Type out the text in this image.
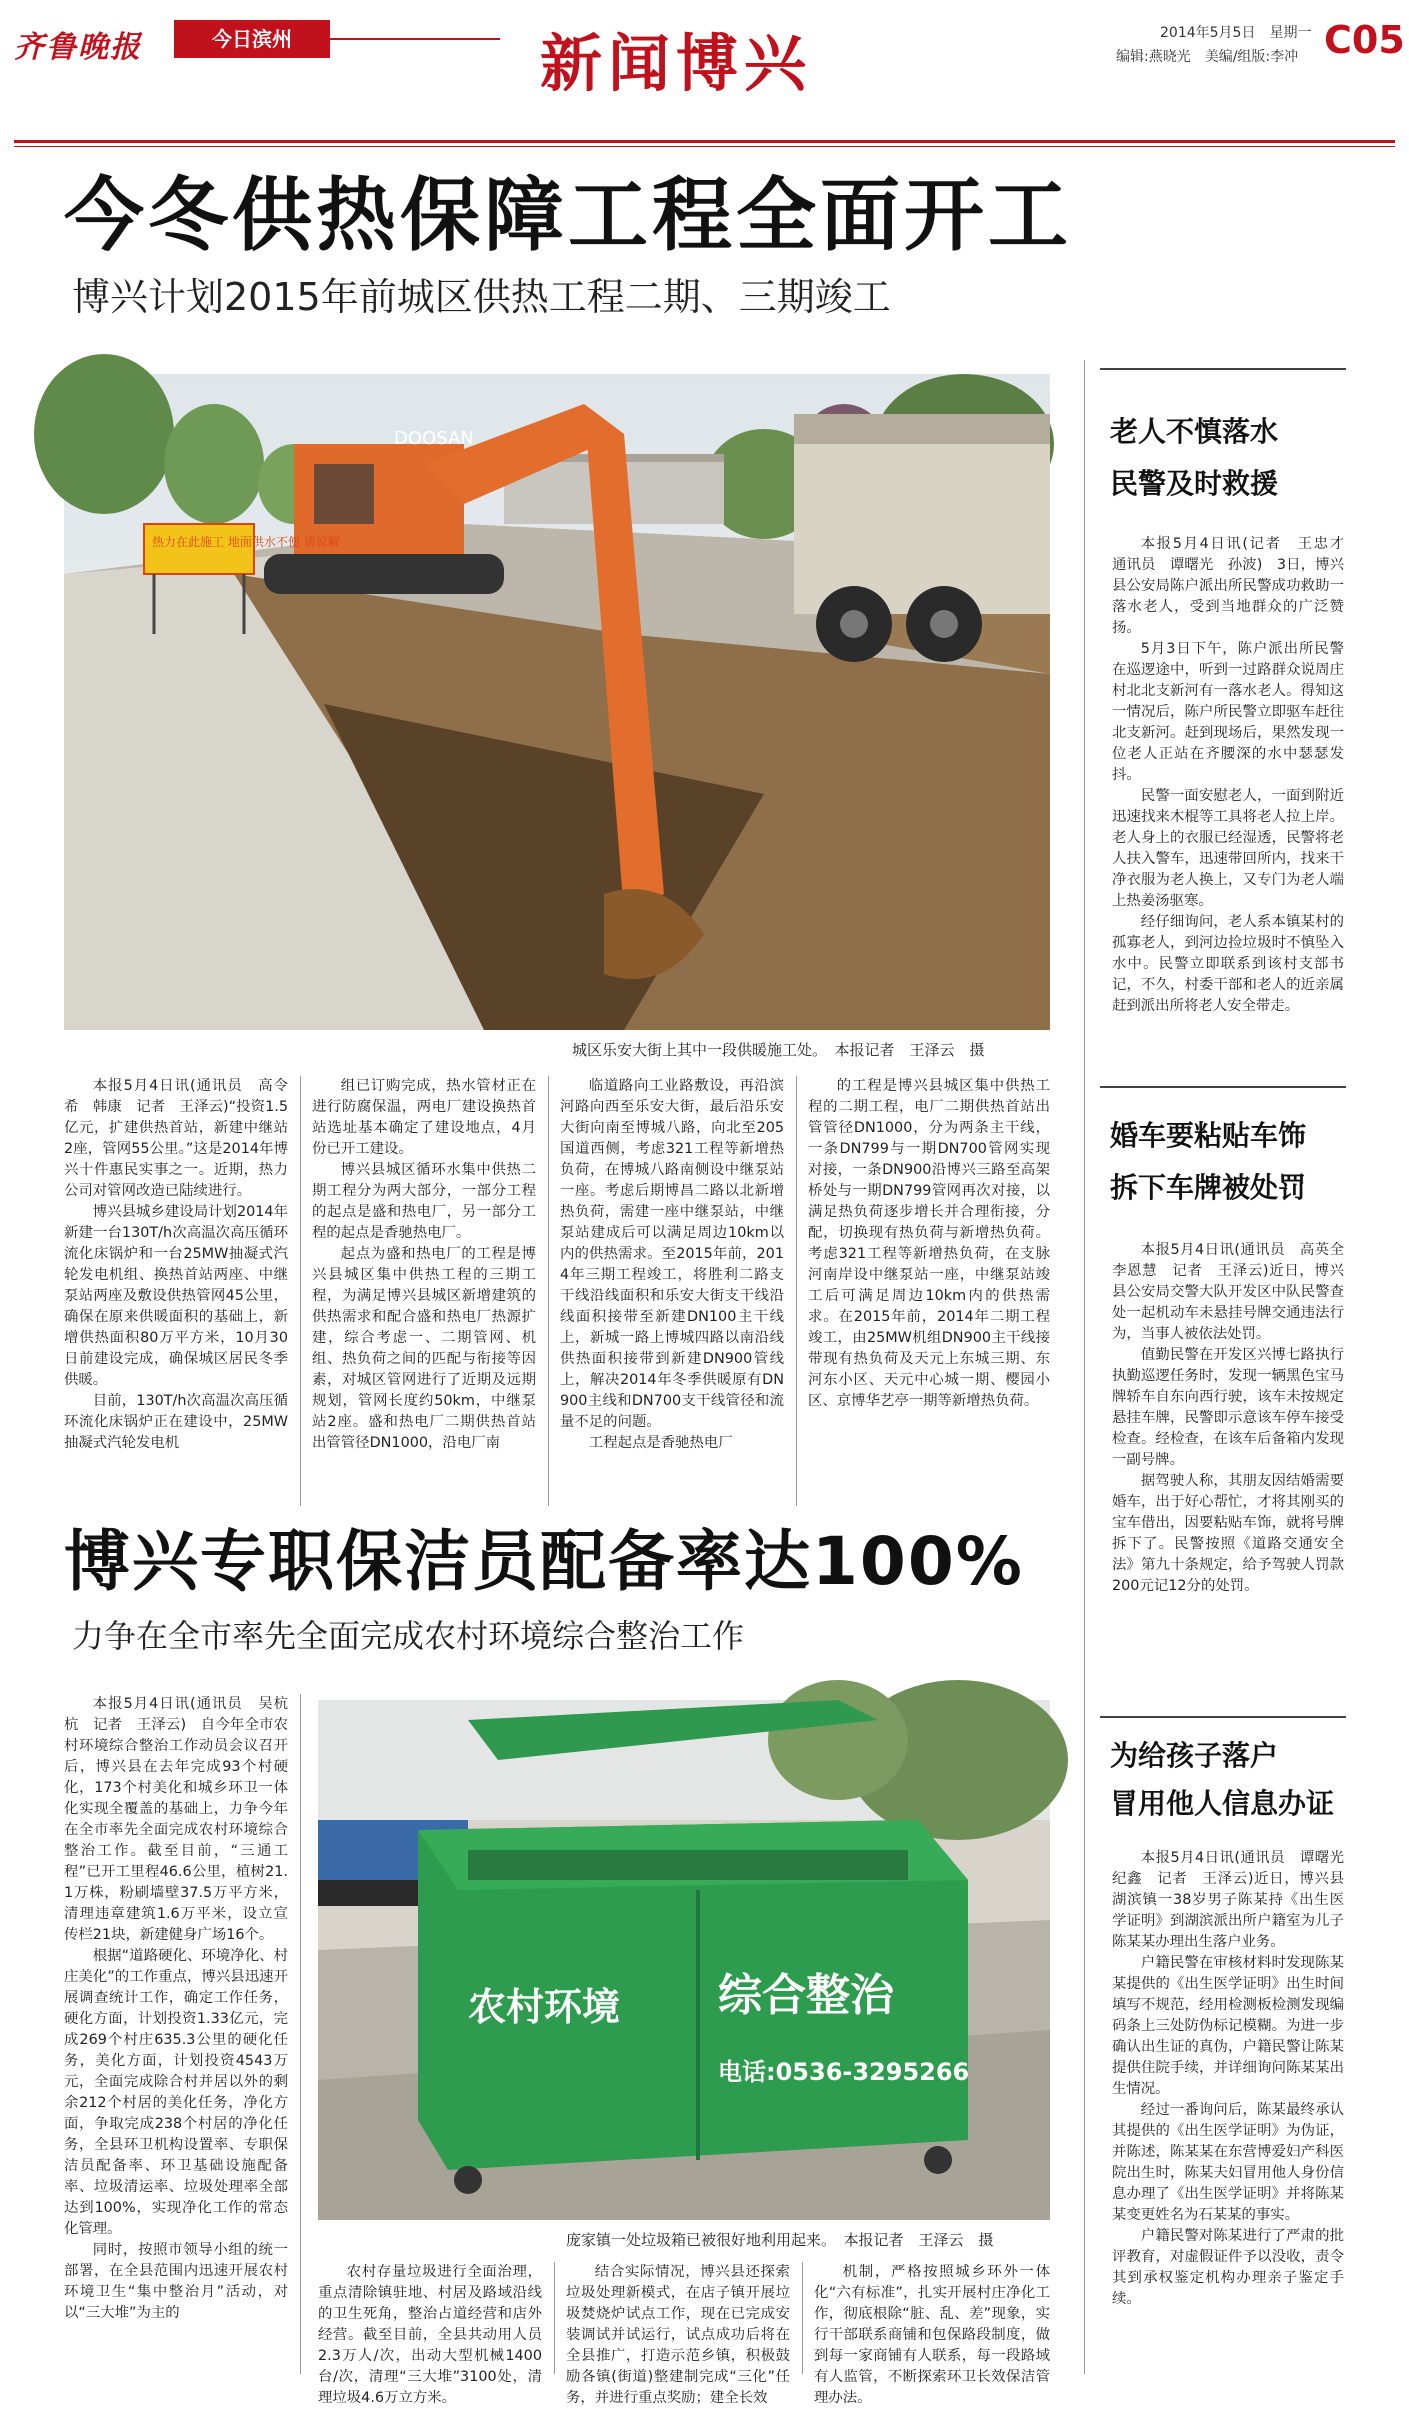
齐鲁晚报	今日滨州	新闻博兴	2014年5月5日　星期一
编辑:燕晓光　美编/组版:李冲 C05
今冬供热保障工程全面开工
博兴计划2015年前城区供热工程二期、三期竣工
DOOSAN
热力在此施工 地面供水不便 请谅解
城区乐安大街上其中一段供暖施工处。　本报记者　王泽云　摄

本报5月4日讯(通讯员　高令希　韩康　记者　王泽云)“投资1.5亿元，扩建供热首站，新建中继站2座，管网55公里。”这是2014年博兴十件惠民实事之一。近期，热力公司对管网改造已陆续进行。

博兴县城乡建设局计划2014年新建一台130T/h次高温次高压循环流化床锅炉和一台25MW抽凝式汽轮发电机组、换热首站两座、中继泵站两座及敷设供热管网45公里，确保在原来供暖面积的基础上，新增供热面积80万平方米，10月30日前建设完成，确保城区居民冬季供暖。

目前，130T/h次高温次高压循环流化床锅炉正在建设中，25MW抽凝式汽轮发电机

组已订购完成，热水管材正在进行防腐保温，两电厂建设换热首站选址基本确定了建设地点，4月份已开工建设。

博兴县城区循环水集中供热二期工程分为两大部分，一部分工程的起点是盛和热电厂，另一部分工程的起点是香驰热电厂。

起点为盛和热电厂的工程是博兴县城区集中供热工程的三期工程，为满足博兴县城区新增建筑的供热需求和配合盛和热电厂热源扩建，综合考虑一、二期管网、机组、热负荷之间的匹配与衔接等因素，对城区管网进行了近期及远期规划，管网长度约50km，中继泵站2座。盛和热电厂二期供热首站出管管径DN1000，沿电厂南

临道路向工业路敷设，再沿滨河路向西至乐安大街，最后沿乐安大街向南至博城八路，向北至205国道西侧，考虑321工程等新增热负荷，在博城八路南侧设中继泵站一座。考虑后期博昌二路以北新增热负荷，需建一座中继泵站，中继泵站建成后可以满足周边10km以内的供热需求。至2015年前，2014年三期工程竣工，将胜利二路支干线沿线面积和乐安大街支干线沿线面积接带至新建DN100主干线上，新城一路上博城四路以南沿线供热面积接带到新建DN900管线上，解决2014年冬季供暖原有DN900主线和DN700支干线管径和流量不足的问题。

工程起点是香驰热电厂

的工程是博兴县城区集中供热工程的二期工程，电厂二期供热首站出管管径DN1000，分为两条主干线，一条DN799与一期DN700管网实现对接，一条DN900沿博兴三路至高架桥处与一期DN799管网再次对接，以满足热负荷逐步增长并合理衔接，分配，切换现有热负荷与新增热负荷。考虑321工程等新增热负荷，在支脉河南岸设中继泵站一座，中继泵站竣工后可满足周边10km内的供热需求。在2015年前，2014年二期工程竣工，由25MW机组DN900主干线接带现有热负荷及天元上东城三期、东河东小区、天元中心城一期、樱园小区、京博华艺亭一期等新增热负荷。

博兴专职保洁员配备率达100%
力争在全市率先全面完成农村环境综合整治工作

本报5月4日讯(通讯员　吴杭杭　记者　王泽云)　自今年全市农村环境综合整治工作动员会议召开后，博兴县在去年完成93个村硬化，173个村美化和城乡环卫一体化实现全覆盖的基础上，力争今年在全市率先全面完成农村环境综合整治工作。截至目前，“三通工程”已开工里程46.6公里，植树21.1万株，粉刷墙壁37.5万平方米，清理违章建筑1.6万平米，设立宣传栏21块，新建健身广场16个。

根据“道路硬化、环境净化、村庄美化”的工作重点，博兴县迅速开展调查统计工作，确定工作任务，硬化方面，计划投资1.33亿元，完成269个村庄635.3公里的硬化任务，美化方面，计划投资4543万元，全面完成除合村并居以外的剩余212个村居的美化任务，净化方面，争取完成238个村居的净化任务，全县环卫机构设置率、专职保洁员配备率、环卫基础设施配备率、垃圾清运率、垃圾处理率全部达到100%，实现净化工作的常态化管理。

同时，按照市领导小组的统一部署，在全县范围内迅速开展农村环境卫生“集中整治月”活动，对以“三大堆”为主的

农村环境 综合整治
电话:0536-3295266
庞家镇一处垃圾箱已被很好地利用起来。　本报记者　王泽云　摄

农村存量垃圾进行全面治理，重点清除镇驻地、村居及路域沿线的卫生死角，整治占道经营和店外经营。截至目前，全县共动用人员2.3万人/次，出动大型机械1400台/次，清理“三大堆”3100处，清理垃圾4.6万立方米。

结合实际情况，博兴县还探索垃圾处理新模式，在店子镇开展垃圾焚烧炉试点工作，现在已完成安装调试并试运行，试点成功后将在全县推广，打造示范乡镇，积极鼓励各镇(街道)整建制完成“三化”任务，并进行重点奖励；建全长效

机制，严格按照城乡环外一体化“六有标准”，扎实开展村庄净化工作，彻底根除“脏、乱、差”现象，实行干部联系商铺和包保路段制度，做到每一家商铺有人联系，每一段路域有人监管，不断探索环卫长效保洁管理办法。

老人不慎落水
民警及时救援

本报5月4日讯(记者　王忠才　通讯员　谭曙光　孙波)　3日，博兴县公安局陈户派出所民警成功救助一落水老人，受到当地群众的广泛赞扬。

5月3日下午，陈户派出所民警在巡逻途中，听到一过路群众说周庄村北北支新河有一落水老人。得知这一情况后，陈户所民警立即驱车赶往北支新河。赶到现场后，果然发现一位老人正站在齐腰深的水中瑟瑟发抖。

民警一面安慰老人，一面到附近迅速找来木棍等工具将老人拉上岸。老人身上的衣服已经湿透，民警将老人扶入警车，迅速带回所内，找来干净衣服为老人换上，又专门为老人端上热姜汤驱寒。

经仔细询问，老人系本镇某村的孤寡老人，到河边捡垃圾时不慎坠入水中。民警立即联系到该村支部书记，不久，村委干部和老人的近亲属赶到派出所将老人安全带走。

婚车要粘贴车饰
拆下车牌被处罚

本报5月4日讯(通讯员　高英全　李恩慧　记者　王泽云)近日，博兴县公安局交警大队开发区中队民警查处一起机动车未悬挂号牌交通违法行为，当事人被依法处罚。

值勤民警在开发区兴博七路执行执勤巡逻任务时，发现一辆黑色宝马牌轿车自东向西行驶，该车未按规定悬挂车牌，民警即示意该车停车接受检查。经检查，在该车后备箱内发现一副号牌。

据驾驶人称，其朋友因结婚需要婚车，出于好心帮忙，才将其刚买的宝车借出，因要粘贴车饰，就将号牌拆下了。民警按照《道路交通安全法》第九十条规定，给予驾驶人罚款200元记12分的处罚。

为给孩子落户
冒用他人信息办证

本报5月4日讯(通讯员　谭曙光　纪鑫　记者　王泽云)近日，博兴县湖滨镇一38岁男子陈某持《出生医学证明》到湖滨派出所户籍室为儿子陈某某办理出生落户业务。

户籍民警在审核材料时发现陈某某提供的《出生医学证明》出生时间填写不规范，经用检测板检测发现编码条上三处防伪标记模糊。为进一步确认出生证的真伪，户籍民警让陈某提供住院手续，并详细询问陈某某出生情况。

经过一番询问后，陈某最终承认其提供的《出生医学证明》为伪证，并陈述，陈某某在东营博爱妇产科医院出生时，陈某夫妇冒用他人身份信息办理了《出生医学证明》并将陈某某变更姓名为石某某的事实。

户籍民警对陈某进行了严肃的批评教育，对虚假证件予以没收，责令其到承权鉴定机构办理亲子鉴定手续。
